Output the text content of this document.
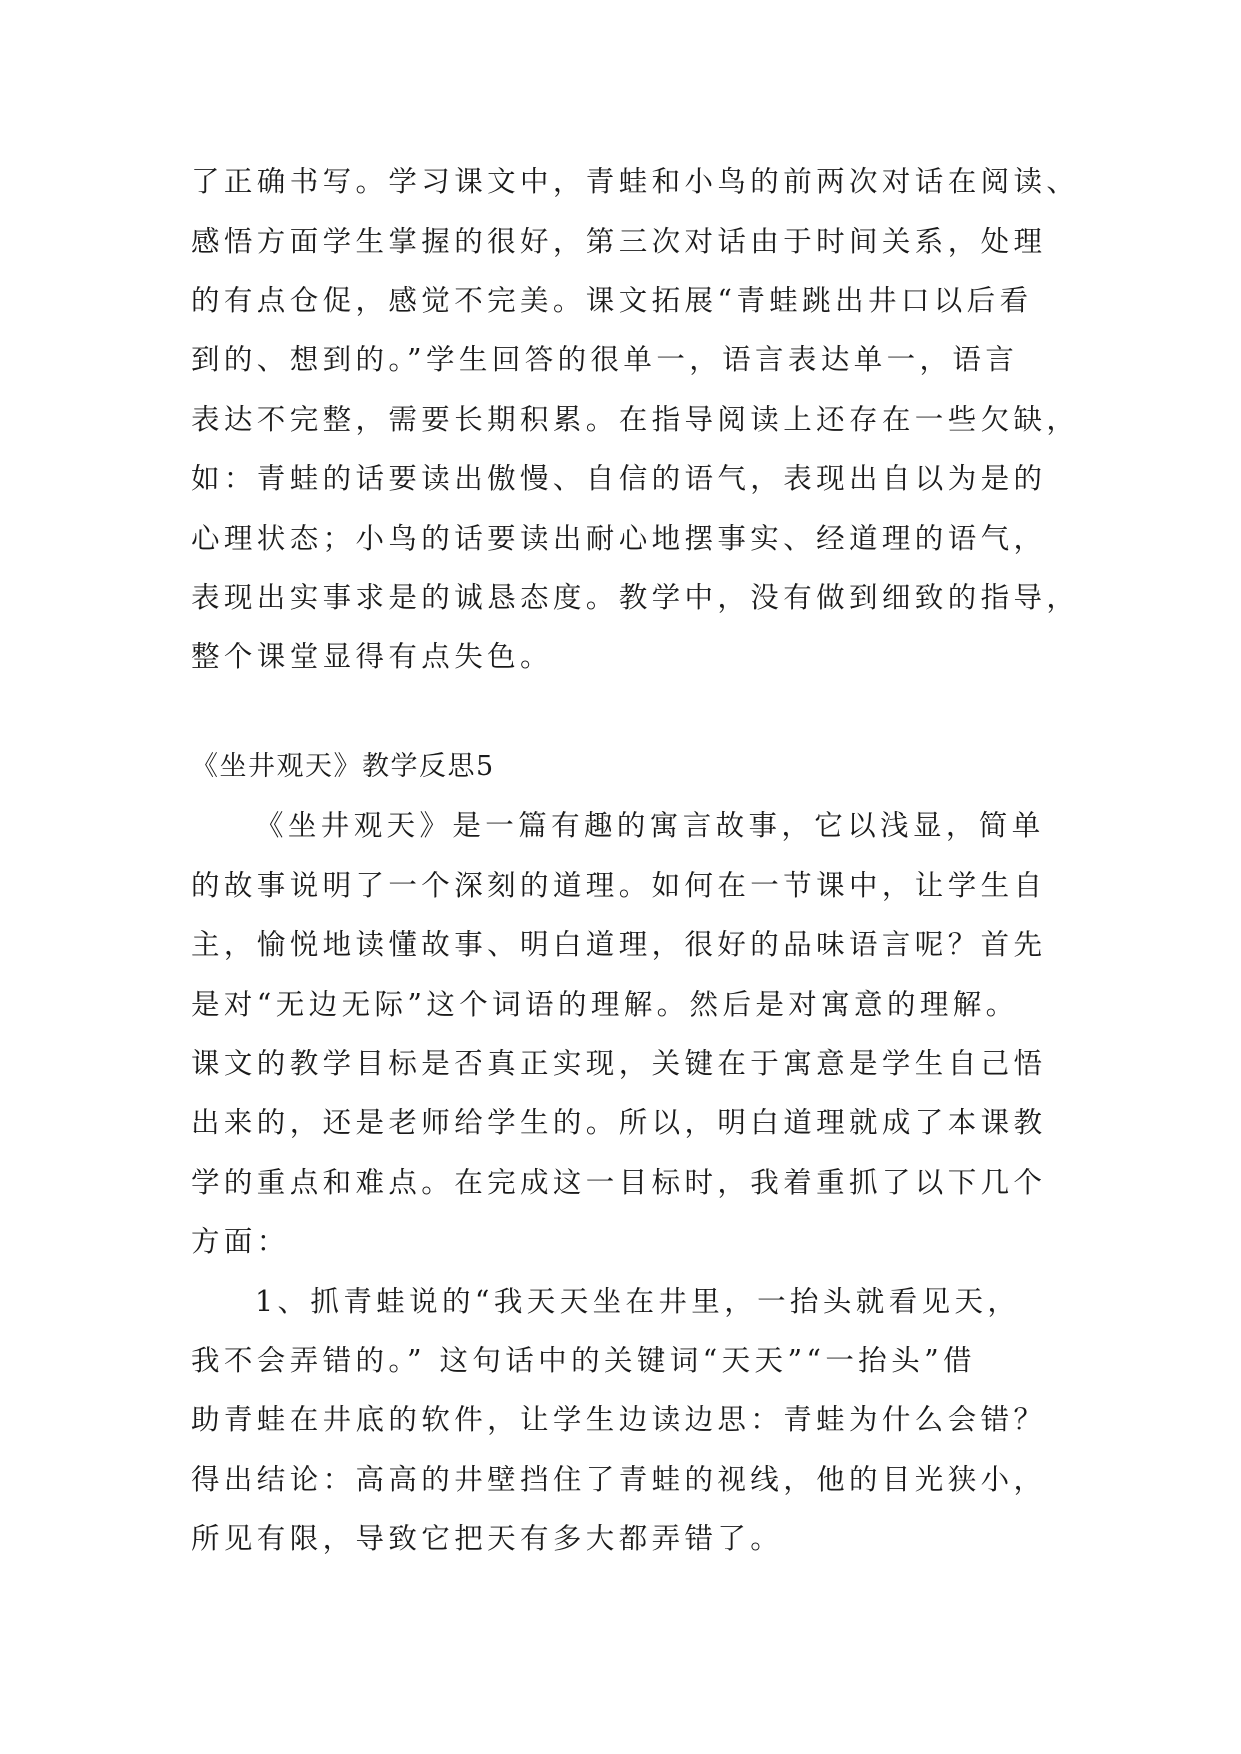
了正确书写。学习课文中，青蛙和小鸟的前两次对话在阅读、
感悟方面学生掌握的很好，第三次对话由于时间关系，处理
的有点仓促，感觉不完美。课文拓展“青蛙跳出井口以后看
到的、想到的。”学生回答的很单一，语言表达单一，语言
表达不完整，需要长期积累。在指导阅读上还存在一些欠缺，
如：青蛙的话要读出傲慢、自信的语气，表现出自以为是的
心理状态；小鸟的话要读出耐心地摆事实、经道理的语气，
表现出实事求是的诚恳态度。教学中，没有做到细致的指导，
整个课堂显得有点失色。
《坐井观天》教学反思5
《坐井观天》是一篇有趣的寓言故事，它以浅显，简单
的故事说明了一个深刻的道理。如何在一节课中，让学生自
主，愉悦地读懂故事、明白道理，很好的品味语言呢？首先
是对“无边无际”这个词语的理解。然后是对寓意的理解。
课文的教学目标是否真正实现，关键在于寓意是学生自己悟
出来的，还是老师给学生的。所以，明白道理就成了本课教
学的重点和难点。在完成这一目标时，我着重抓了以下几个
方面：
1、抓青蛙说的“我天天坐在井里，一抬头就看见天，
我不会弄错的。” 这句话中的关键词“天天”“一抬头”借
助青蛙在井底的软件，让学生边读边思：青蛙为什么会错？
得出结论：高高的井壁挡住了青蛙的视线，他的目光狭小，
所见有限，导致它把天有多大都弄错了。
